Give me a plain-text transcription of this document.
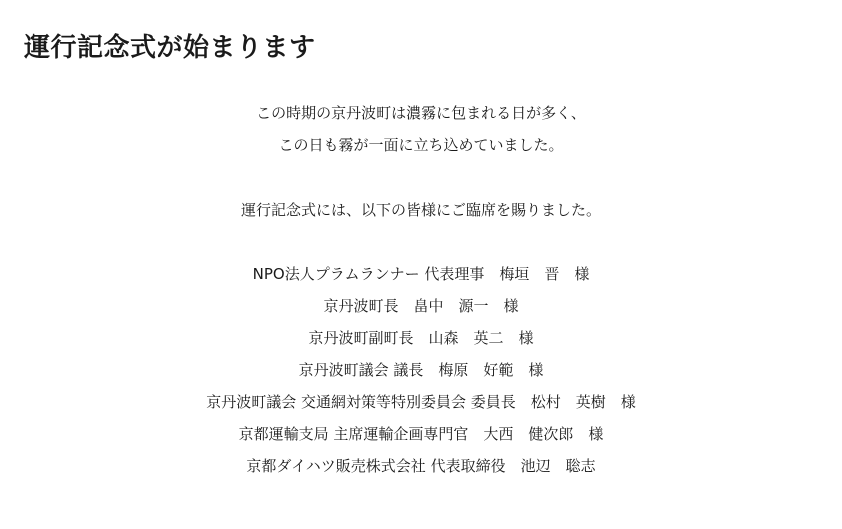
運行記念式が始まります

この時期の京丹波町は濃霧に包まれる日が多く、

この日も霧が一面に立ち込めていました。

運行記念式には、以下の皆様にご臨席を賜りました。

NPO法人プラムランナー 代表理事　梅垣　晋　様

京丹波町長　畠中　源一　様

京丹波町副町長　山森　英二　様

京丹波町議会 議長　梅原　好範　様

京丹波町議会 交通網対策等特別委員会 委員長　松村　英樹　様

京都運輸支局 主席運輸企画専門官　大西　健次郎　様

京都ダイハツ販売株式会社 代表取締役　池辺　聡志
